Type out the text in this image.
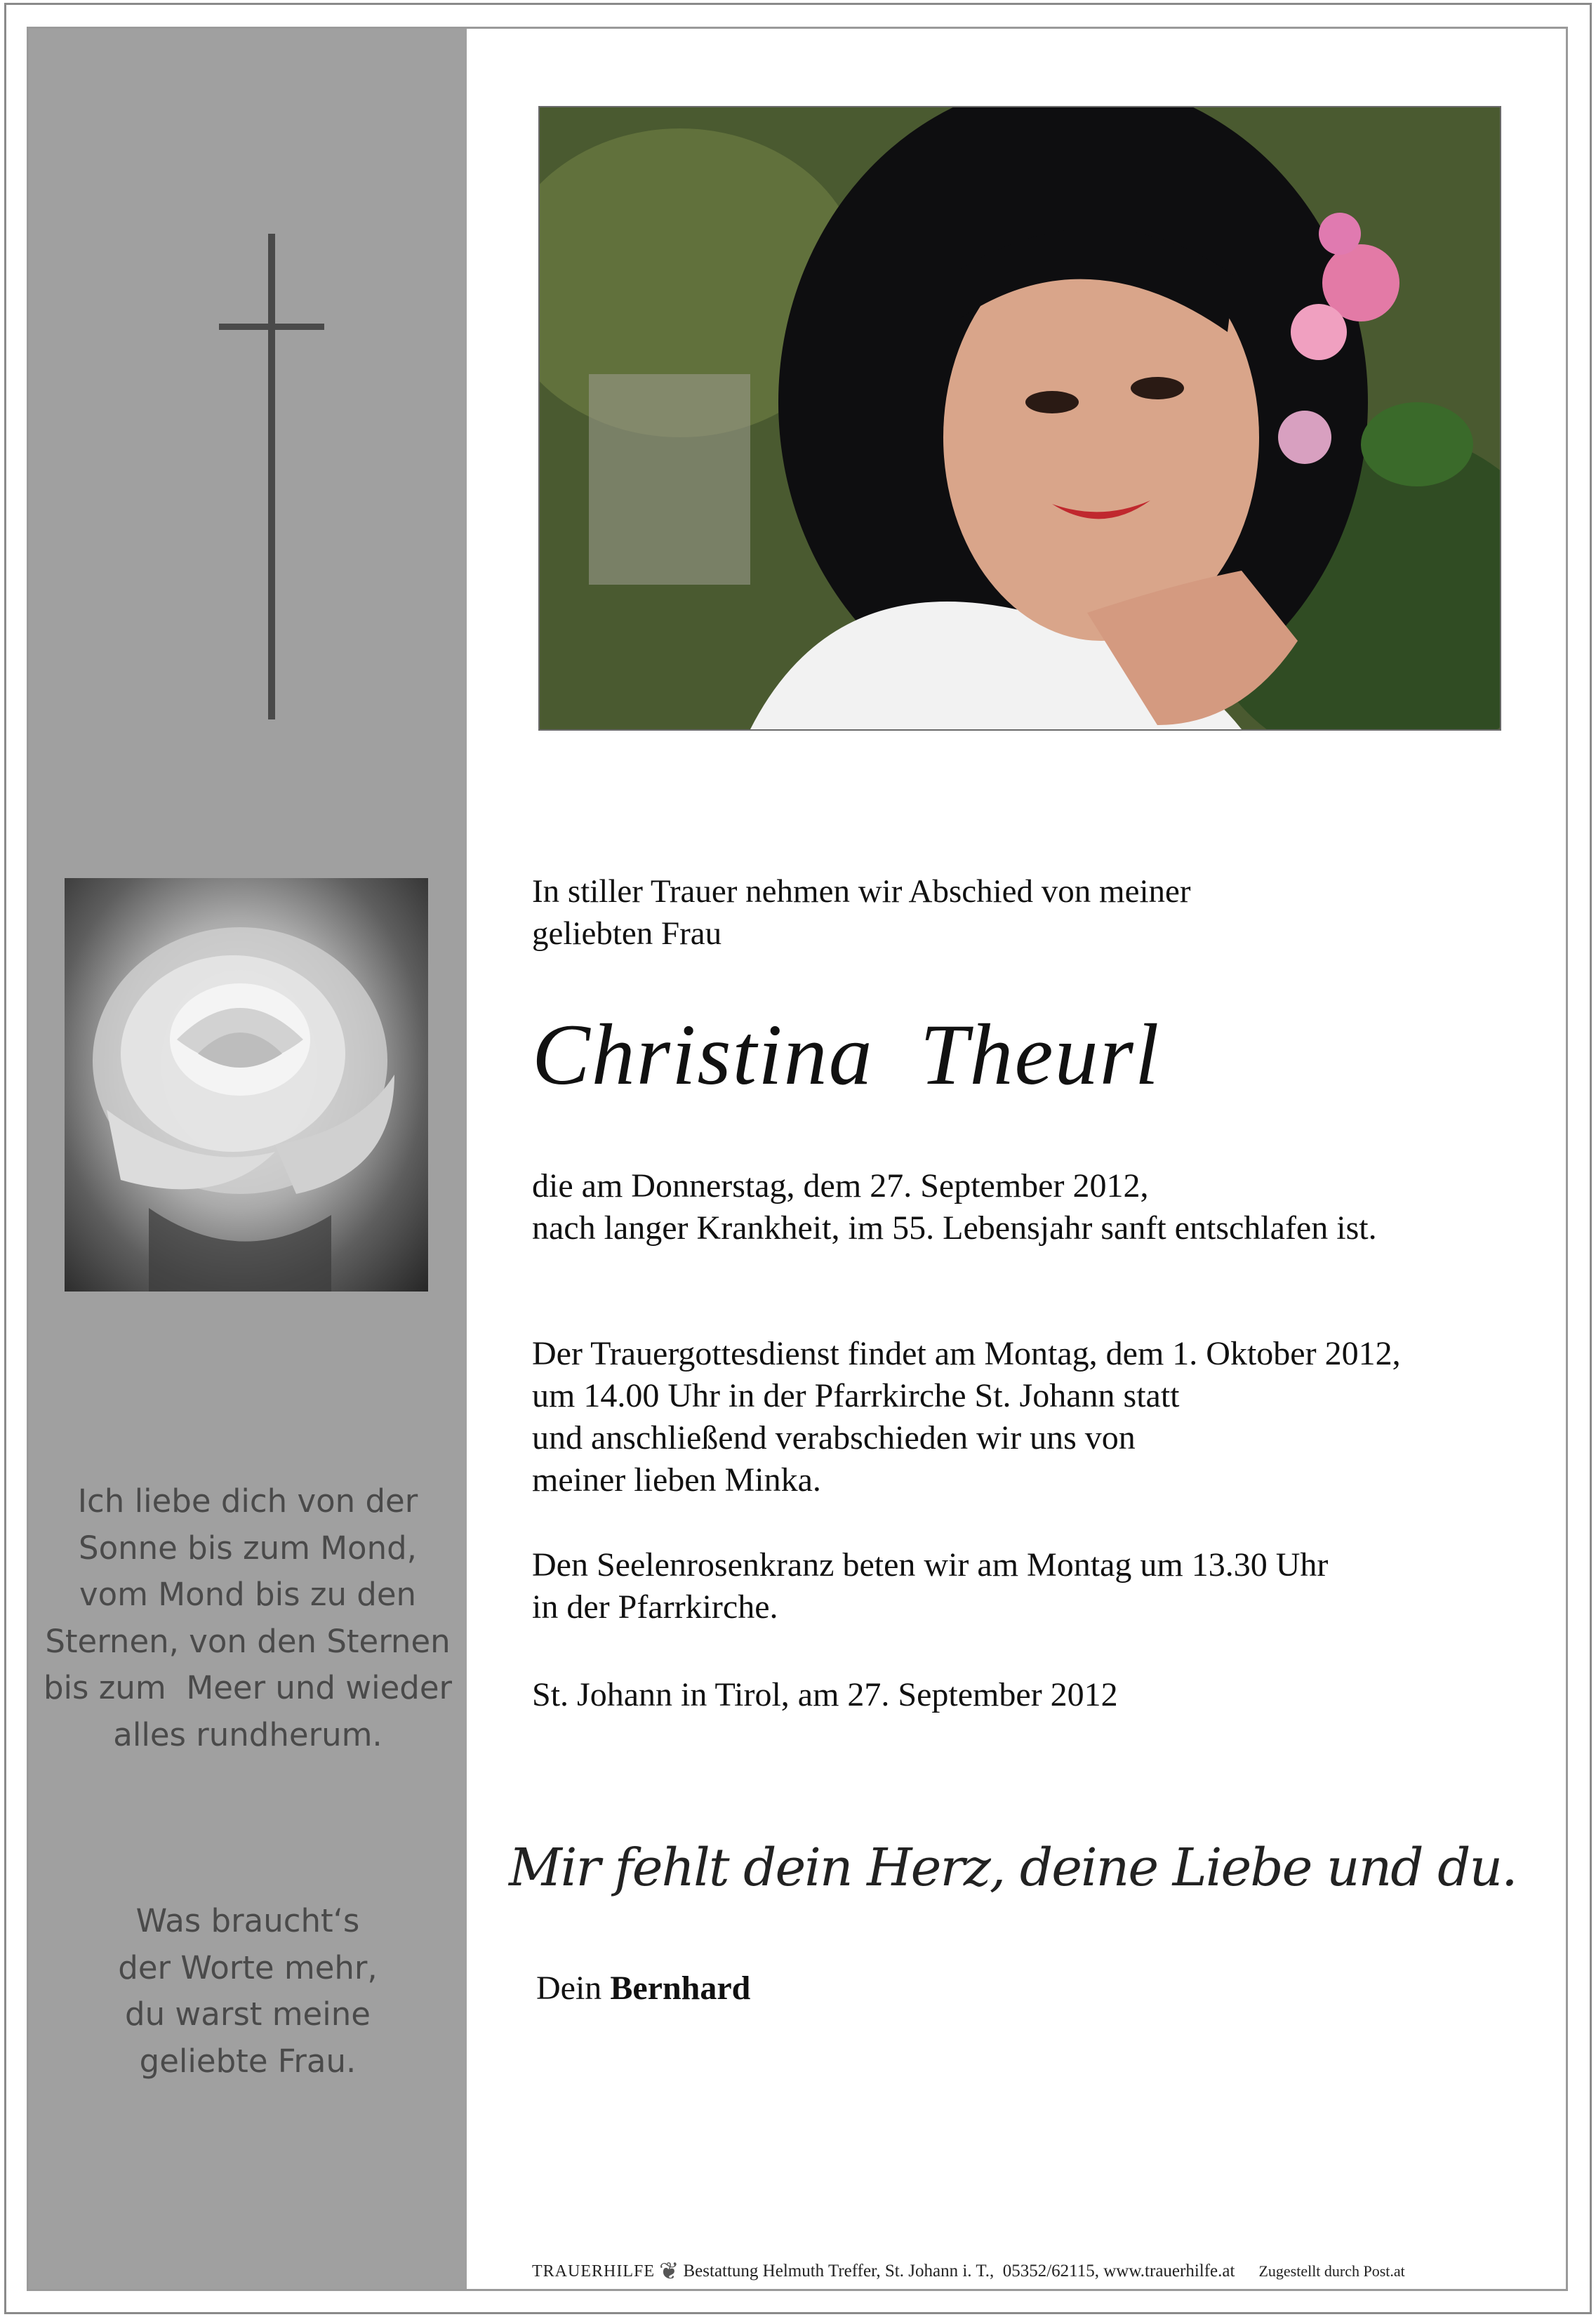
Ich liebe dich von der
Sonne bis zum Mond,
vom Mond bis zu den
Sternen, von den Sternen
bis zum  Meer und wieder
alles rundherum.
Was braucht‘s
der Worte mehr,
du warst meine
geliebte Frau.
In stiller Trauer nehmen wir Abschied von meiner
geliebten Frau
Christina  Theurl
die am Donnerstag, dem 27. September 2012,
nach langer Krankheit, im 55. Lebensjahr sanft entschlafen ist.
Der Trauergottesdienst findet am Montag, dem 1. Oktober 2012,
um 14.00 Uhr in der Pfarrkirche St. Johann statt
und anschließend verabschieden wir uns von
meiner lieben Minka.
Den Seelenrosenkranz beten wir am Montag um 13.30 Uhr
in der Pfarrkirche.
St. Johann in Tirol, am 27. September 2012
Mir fehlt dein Herz, deine Liebe und du.
Dein Bernhard
TRAUERHILFE ❦ Bestattung Helmuth Treffer, St. Johann i. T.,  05352/62115, www.trauerhilfe.at Zugestellt durch Post.at
